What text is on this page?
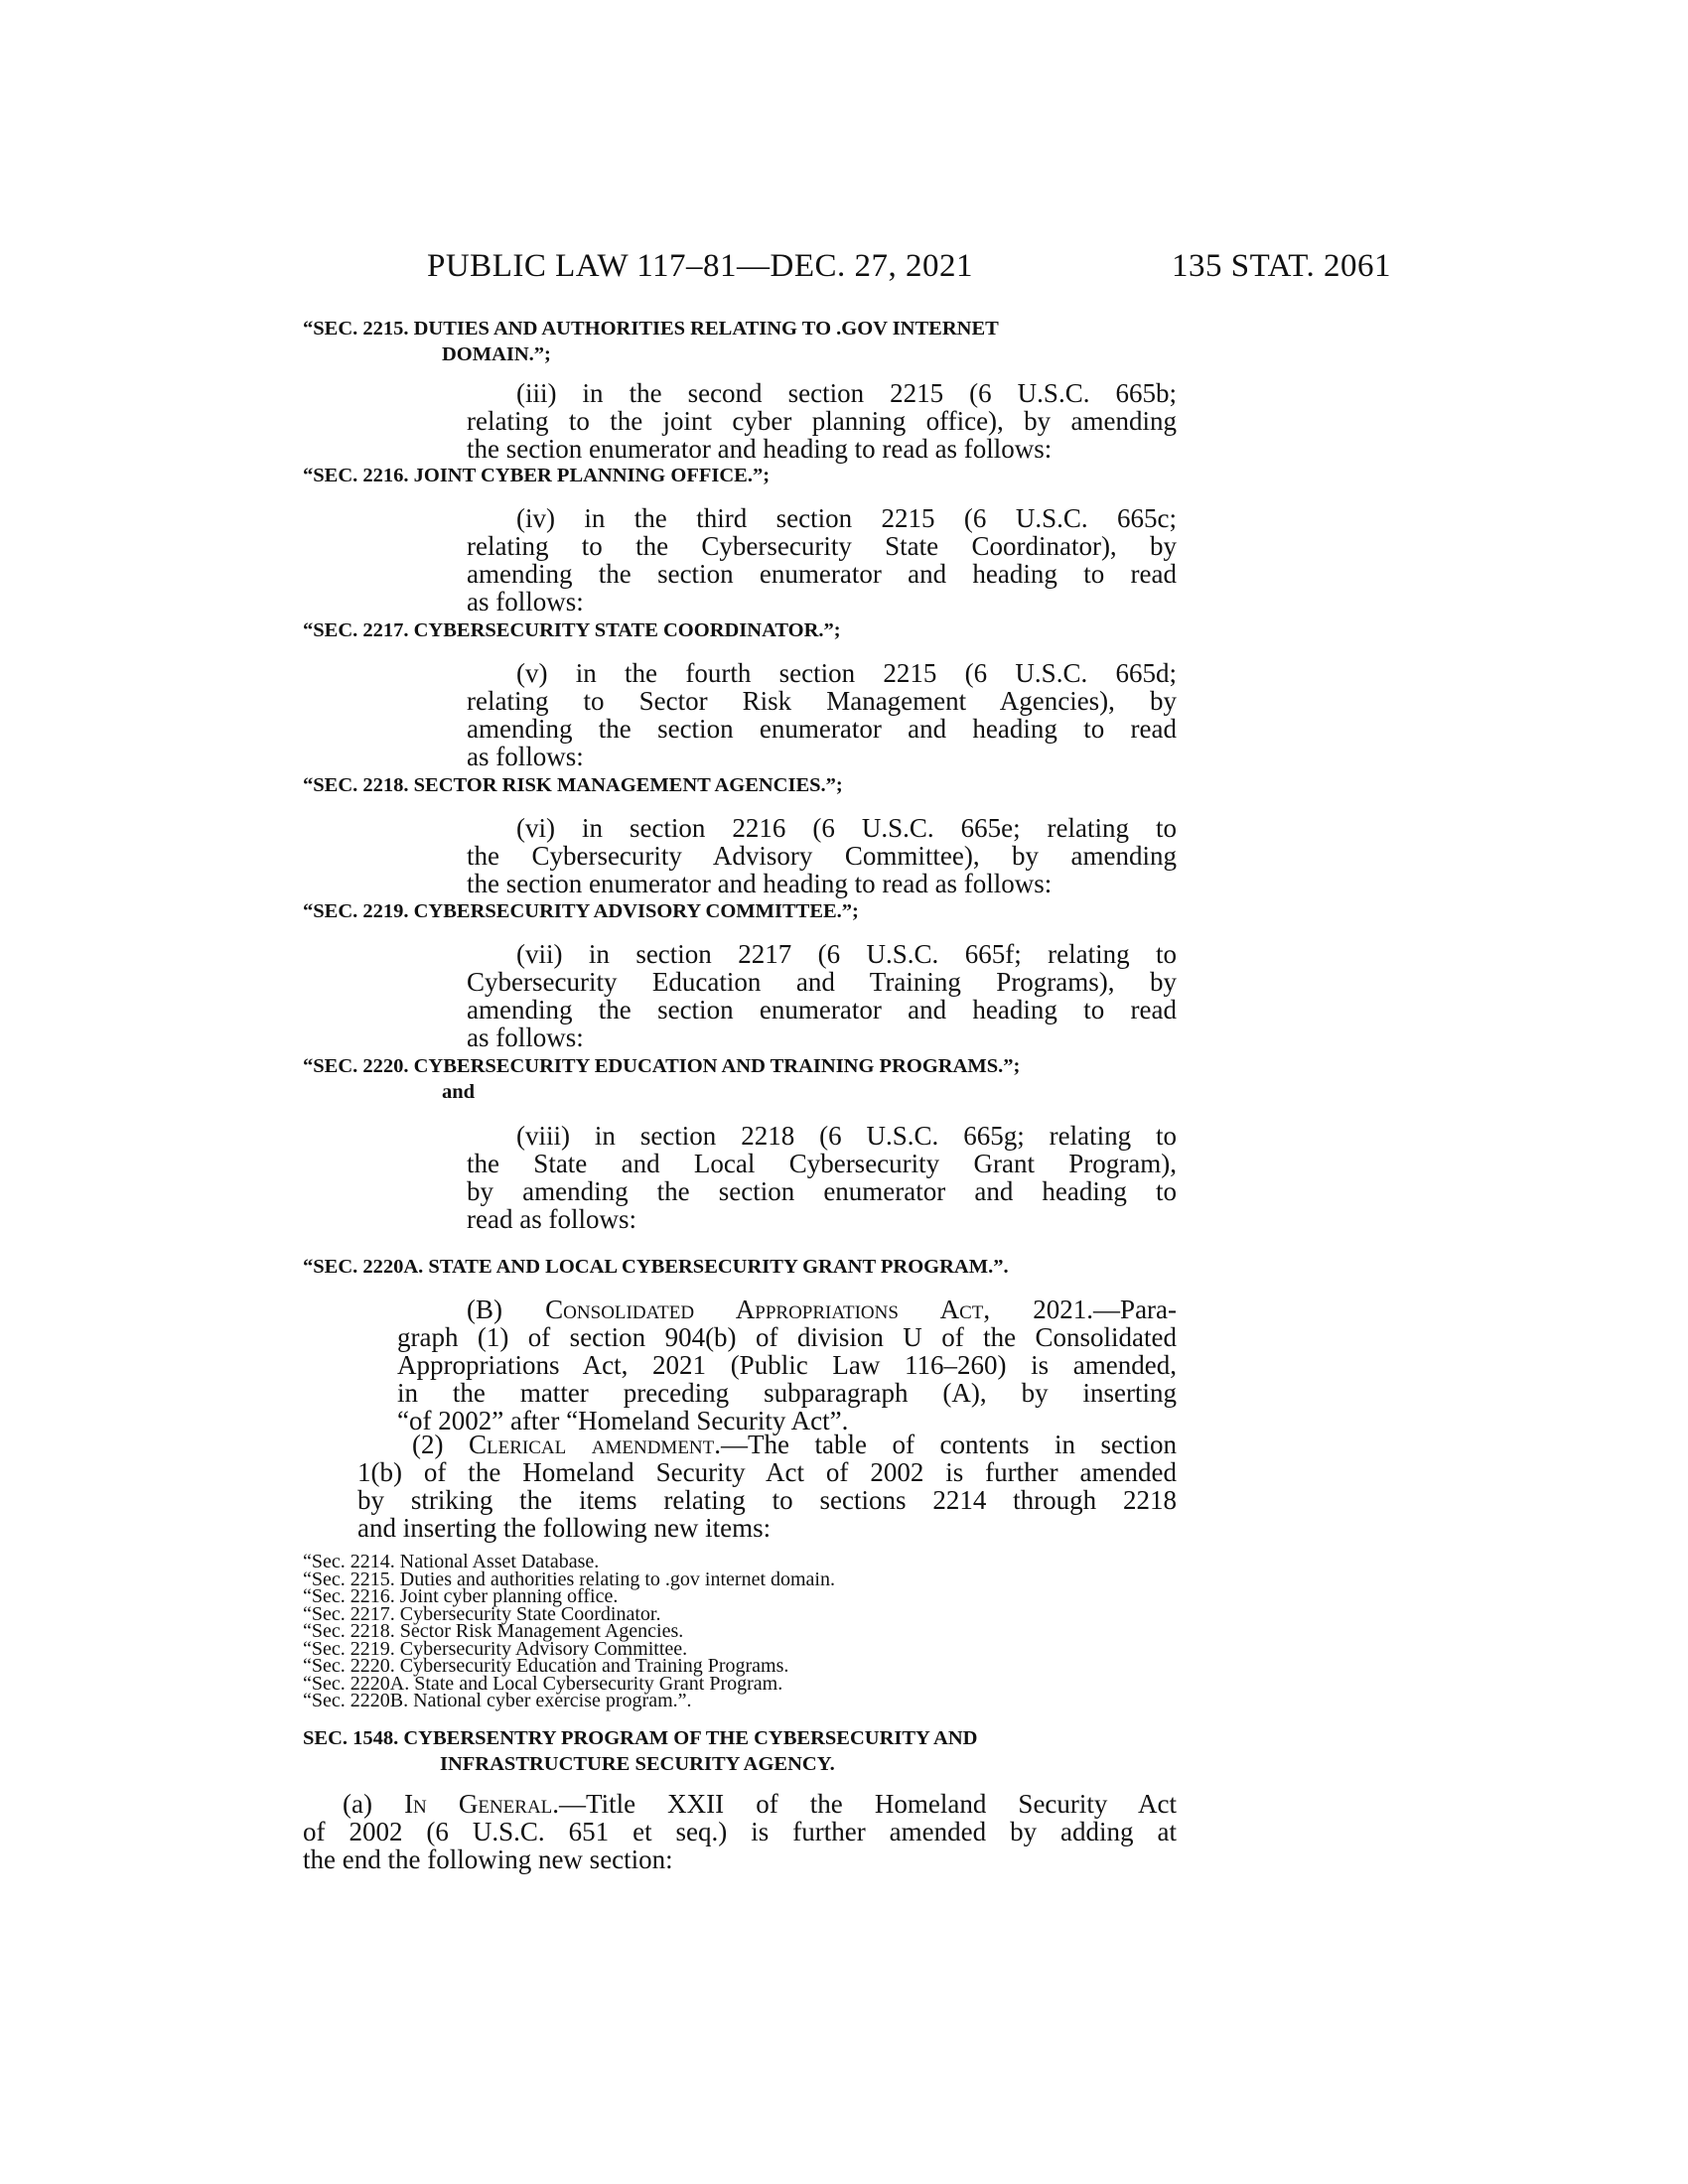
PUBLIC LAW 117–81—DEC. 27, 2021	135 STAT. 2061
“SEC. 2215. DUTIES AND AUTHORITIES RELATING TO .GOV INTERNET
DOMAIN.”;
(iii) in the second section 2215 (6 U.S.C. 665b;
relating to the joint cyber planning office), by amending
the section enumerator and heading to read as follows:
“SEC. 2216. JOINT CYBER PLANNING OFFICE.”;
(iv) in the third section 2215 (6 U.S.C. 665c;
relating to the Cybersecurity State Coordinator), by
amending the section enumerator and heading to read
as follows:
“SEC. 2217. CYBERSECURITY STATE COORDINATOR.”;
(v) in the fourth section 2215 (6 U.S.C. 665d;
relating to Sector Risk Management Agencies), by
amending the section enumerator and heading to read
as follows:
“SEC. 2218. SECTOR RISK MANAGEMENT AGENCIES.”;
(vi) in section 2216 (6 U.S.C. 665e; relating to
the Cybersecurity Advisory Committee), by amending
the section enumerator and heading to read as follows:
“SEC. 2219. CYBERSECURITY ADVISORY COMMITTEE.”;
(vii) in section 2217 (6 U.S.C. 665f; relating to
Cybersecurity Education and Training Programs), by
amending the section enumerator and heading to read
as follows:
“SEC. 2220. CYBERSECURITY EDUCATION AND TRAINING PROGRAMS.”;
and
(viii) in section 2218 (6 U.S.C. 665g; relating to
the State and Local Cybersecurity Grant Program),
by amending the section enumerator and heading to
read as follows:
“SEC. 2220A. STATE AND LOCAL CYBERSECURITY GRANT PROGRAM.”.
(B) Consolidated Appropriations Act, 2021.—Para-
graph (1) of section 904(b) of division U of the Consolidated
Appropriations Act, 2021 (Public Law 116–260) is amended,
in the matter preceding subparagraph (A), by inserting
“of 2002” after “Homeland Security Act”.
(2) Clerical amendment.—The table of contents in section
1(b) of the Homeland Security Act of 2002 is further amended
by striking the items relating to sections 2214 through 2218
and inserting the following new items:
“Sec. 2214. National Asset Database.
“Sec. 2215. Duties and authorities relating to .gov internet domain.
“Sec. 2216. Joint cyber planning office.
“Sec. 2217. Cybersecurity State Coordinator.
“Sec. 2218. Sector Risk Management Agencies.
“Sec. 2219. Cybersecurity Advisory Committee.
“Sec. 2220. Cybersecurity Education and Training Programs.
“Sec. 2220A. State and Local Cybersecurity Grant Program.
“Sec. 2220B. National cyber exercise program.”.
SEC. 1548. CYBERSENTRY PROGRAM OF THE CYBERSECURITY AND
INFRASTRUCTURE SECURITY AGENCY.
(a) In General.—Title XXII of the Homeland Security Act
of 2002 (6 U.S.C. 651 et seq.) is further amended by adding at
the end the following new section:
